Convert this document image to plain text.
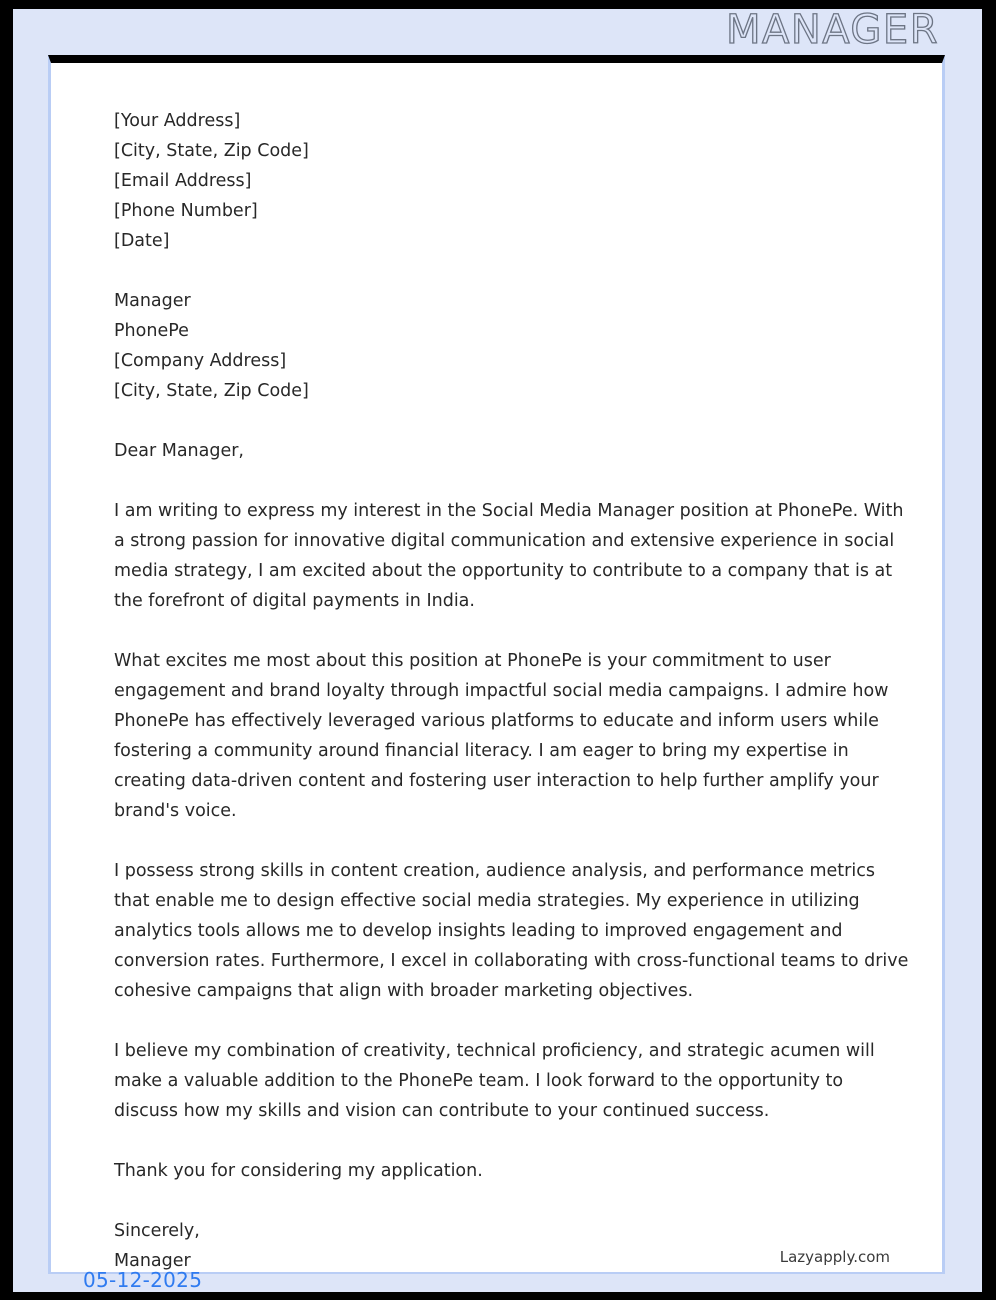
MANAGER
[Your Address]
[City, State, Zip Code]
[Email Address]
[Phone Number]
[Date]
Manager
PhonePe
[Company Address]
[City, State, Zip Code]

Dear Manager,

I am writing to express my interest in the Social Media Manager position at PhonePe. With a strong passion for innovative digital communication and extensive experience in social media strategy, I am excited about the opportunity to contribute to a company that is at the forefront of digital payments in India.

What excites me most about this position at PhonePe is your commitment to user engagement and brand loyalty through impactful social media campaigns. I admire how PhonePe has effectively leveraged various platforms to educate and inform users while fostering a community around financial literacy. I am eager to bring my expertise in creating data-driven content and fostering user interaction to help further amplify your brand's voice.

I possess strong skills in content creation, audience analysis, and performance metrics that enable me to design effective social media strategies. My experience in utilizing analytics tools allows me to develop insights leading to improved engagement and conversion rates. Furthermore, I excel in collaborating with cross-functional teams to drive cohesive campaigns that align with broader marketing objectives.

I believe my combination of creativity, technical proficiency, and strategic acumen will make a valuable addition to the PhonePe team. I look forward to the opportunity to discuss how my skills and vision can contribute to your continued success.

Thank you for considering my application.

Sincerely,
Manager	Lazyapply.com
05-12-2025
